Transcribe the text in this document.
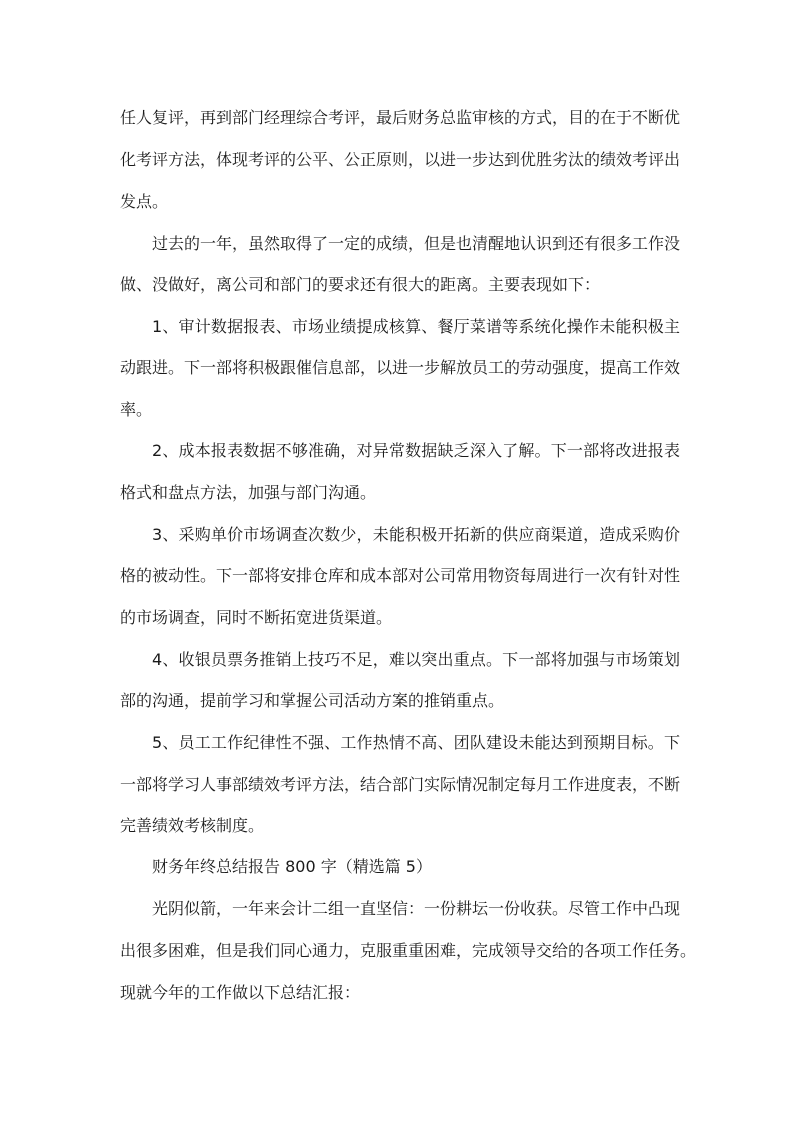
任人复评，再到部门经理综合考评，最后财务总监审核的方式，目的在于不断优
化考评方法，体现考评的公平、公正原则，以进一步达到优胜劣汰的绩效考评出
发点。
过去的一年，虽然取得了一定的成绩，但是也清醒地认识到还有很多工作没
做、没做好，离公司和部门的要求还有很大的距离。主要表现如下：
1、审计数据报表、市场业绩提成核算、餐厅菜谱等系统化操作未能积极主
动跟进。下一部将积极跟催信息部，以进一步解放员工的劳动强度，提高工作效
率。
2、成本报表数据不够准确，对异常数据缺乏深入了解。下一部将改进报表
格式和盘点方法，加强与部门沟通。
3、采购单价市场调查次数少，未能积极开拓新的供应商渠道，造成采购价
格的被动性。下一部将安排仓库和成本部对公司常用物资每周进行一次有针对性
的市场调查，同时不断拓宽进货渠道。
4、收银员票务推销上技巧不足，难以突出重点。下一部将加强与市场策划
部的沟通，提前学习和掌握公司活动方案的推销重点。
5、员工工作纪律性不强、工作热情不高、团队建设未能达到预期目标。下
一部将学习人事部绩效考评方法，结合部门实际情况制定每月工作进度表，不断
完善绩效考核制度。
财务年终总结报告 800 字（精选篇 5）
光阴似箭，一年来会计二组一直坚信：一份耕坛一份收获。尽管工作中凸现
出很多困难，但是我们同心通力，克服重重困难，完成领导交给的各项工作任务。
现就今年的工作做以下总结汇报：
